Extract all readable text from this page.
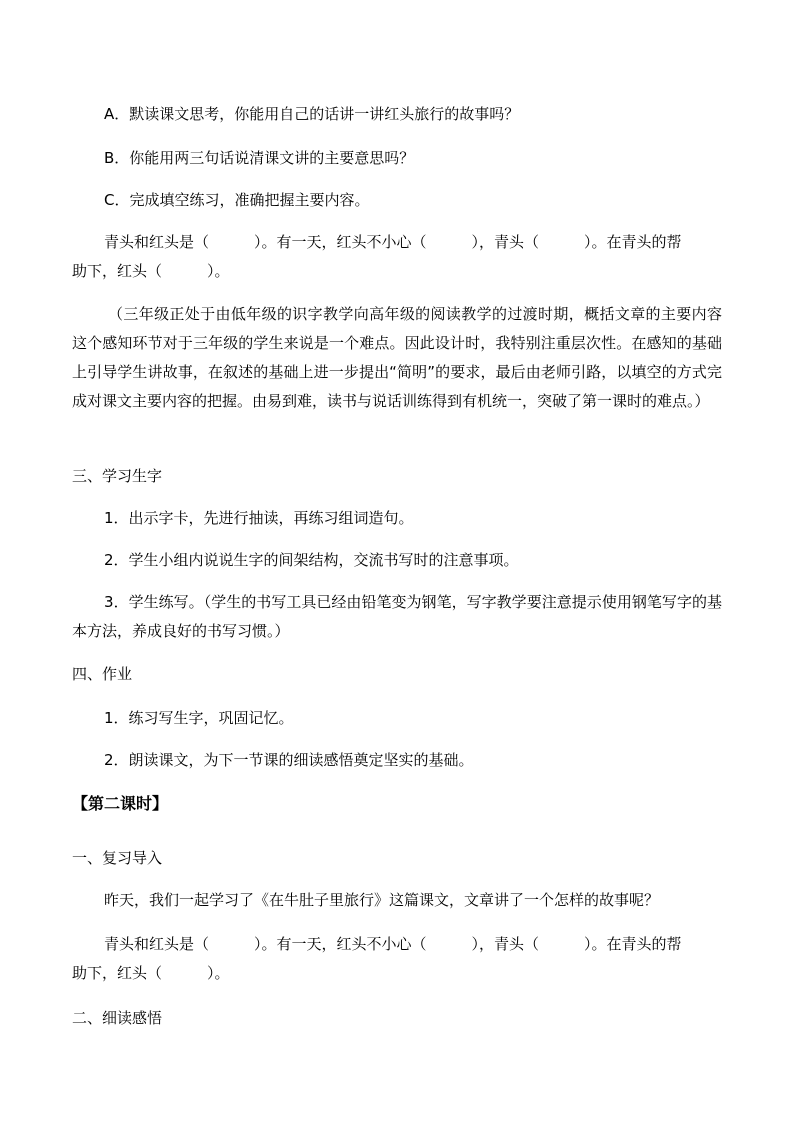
A．默读课文思考，你能用自己的话讲一讲红头旅行的故事吗？
B．你能用两三句话说清课文讲的主要意思吗？
C．完成填空练习，准确把握主要内容。
青头和红头是（　　　）。有一天，红头不小心（　　　），青头（　　　）。在青头的帮
助下，红头（　　　）。
（三年级正处于由低年级的识字教学向高年级的阅读教学的过渡时期，概括文章的主要内容这个感知环节对于三年级的学生来说是一个难点。因此设计时，我特别注重层次性。在感知的基础上引导学生讲故事，在叙述的基础上进一步提出“简明”的要求，最后由老师引路，以填空的方式完成对课文主要内容的把握。由易到难，读书与说话训练得到有机统一，突破了第一课时的难点。）
三、学习生字
1．出示字卡，先进行抽读，再练习组词造句。
2．学生小组内说说生字的间架结构，交流书写时的注意事项。
3．学生练写。（学生的书写工具已经由铅笔变为钢笔，写字教学要注意提示使用钢笔写字的基本方法，养成良好的书写习惯。）
四、作业
1．练习写生字，巩固记忆。
2．朗读课文，为下一节课的细读感悟奠定坚实的基础。
【第二课时】
一、复习导入
昨天，我们一起学习了《在牛肚子里旅行》这篇课文，文章讲了一个怎样的故事呢？
青头和红头是（　　　）。有一天，红头不小心（　　　），青头（　　　）。在青头的帮
助下，红头（　　　）。
二、细读感悟
